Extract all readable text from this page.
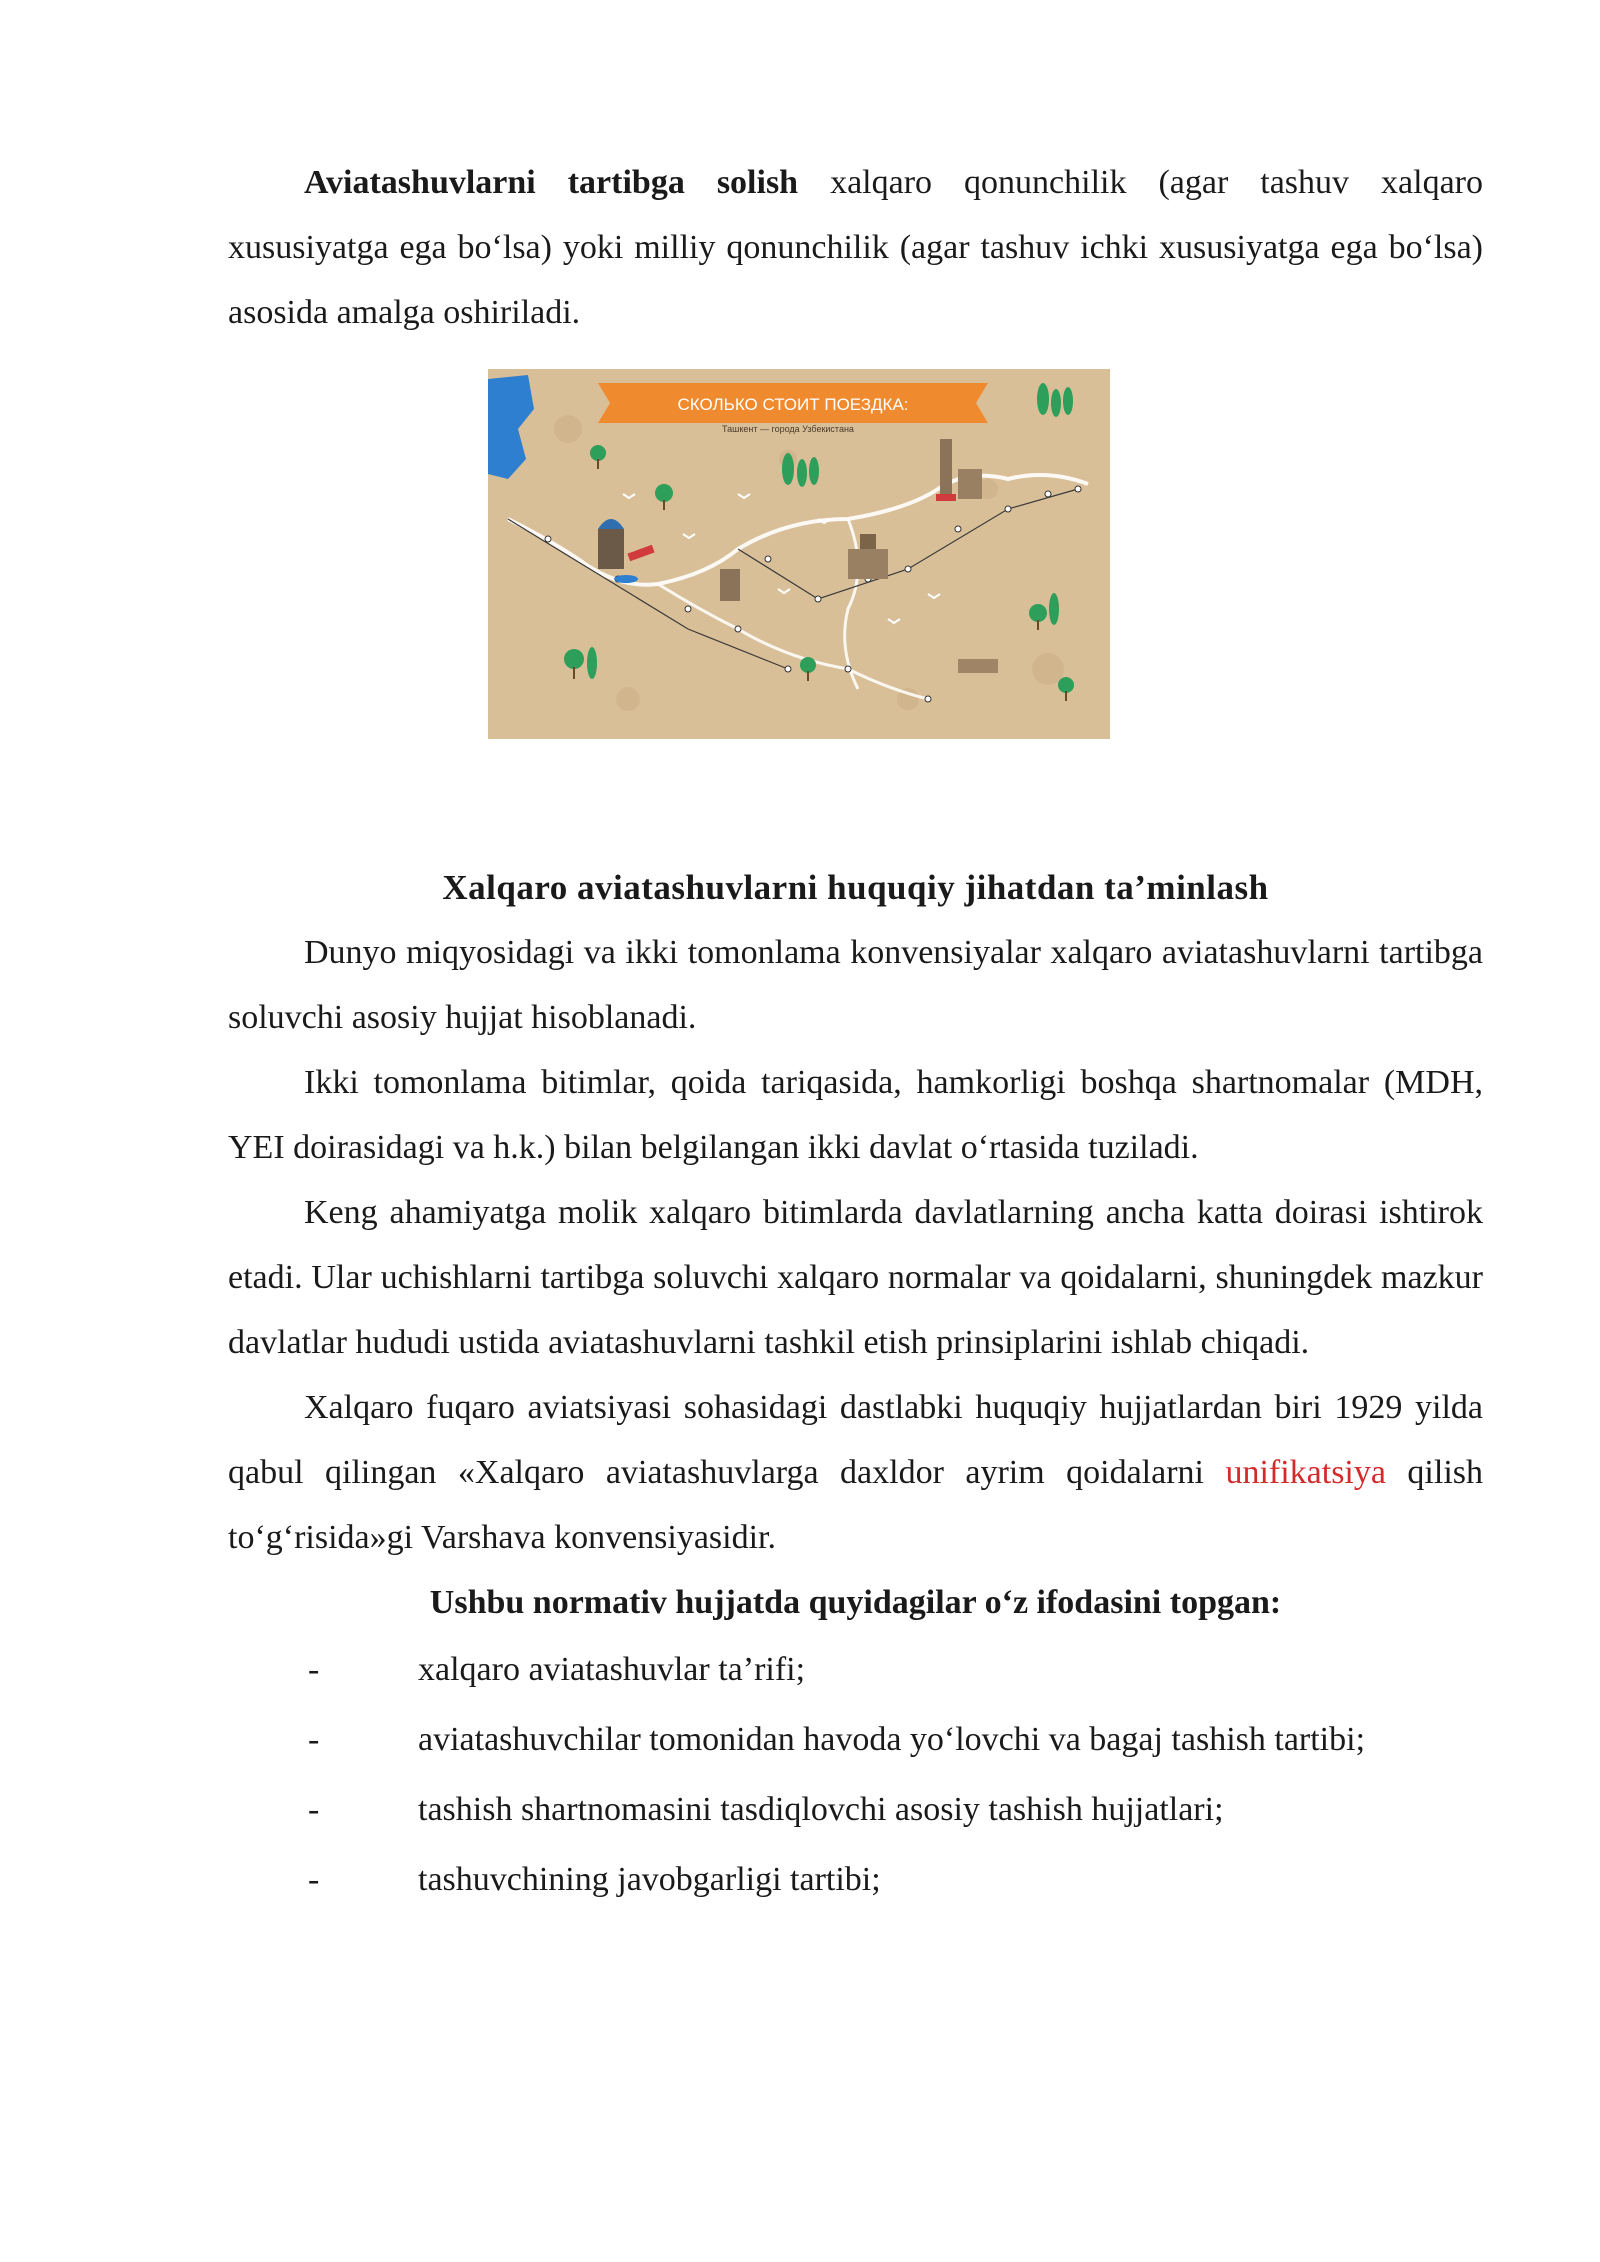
Aviatashuvlarni tartibga solish xalqaro qonunchilik (agar tashuv xalqaro xususiyatga ega bo‘lsa) yoki milliy qonunchilik (agar tashuv ichki xususiyatga ega bo‘lsa) asosida amalga oshiriladi.

СКОЛЬКО СТОИТ ПОЕЗДКА:
Ташкент — города Узбекистана
Xalqaro aviatashuvlarni huquqiy jihatdan ta’minlash

Dunyo miqyosidagi va ikki tomonlama konvensiyalar xalqaro aviatashuvlarni tartibga soluvchi asosiy hujjat hisoblanadi.

Ikki tomonlama bitimlar, qoida tariqasida, hamkorligi boshqa shartnomalar (MDH, YEI doirasidagi va h.k.) bilan belgilangan ikki davlat o‘rtasida tuziladi.

Keng ahamiyatga molik xalqaro bitimlarda davlatlarning ancha katta doirasi ishtirok etadi. Ular uchishlarni tartibga soluvchi xalqaro normalar va qoidalarni, shuningdek mazkur davlatlar hududi ustida aviatashuvlarni tashkil etish prinsiplarini ishlab chiqadi.

Xalqaro fuqaro aviatsiyasi sohasidagi dastlabki huquqiy hujjatlardan biri 1929 yilda qabul qilingan «Xalqaro aviatashuvlarga daxldor ayrim qoidalarni unifikatsiya qilish to‘g‘risida»gi Varshava konvensiyasidir.

Ushbu normativ hujjatda quyidagilar o‘z ifodasini topgan:
-	xalqaro aviatashuvlar ta’rifi;
-	aviatashuvchilar tomonidan havoda yo‘lovchi va bagaj tashish tartibi;
-	tashish shartnomasini tasdiqlovchi asosiy tashish hujjatlari;
-	tashuvchining javobgarligi tartibi;
